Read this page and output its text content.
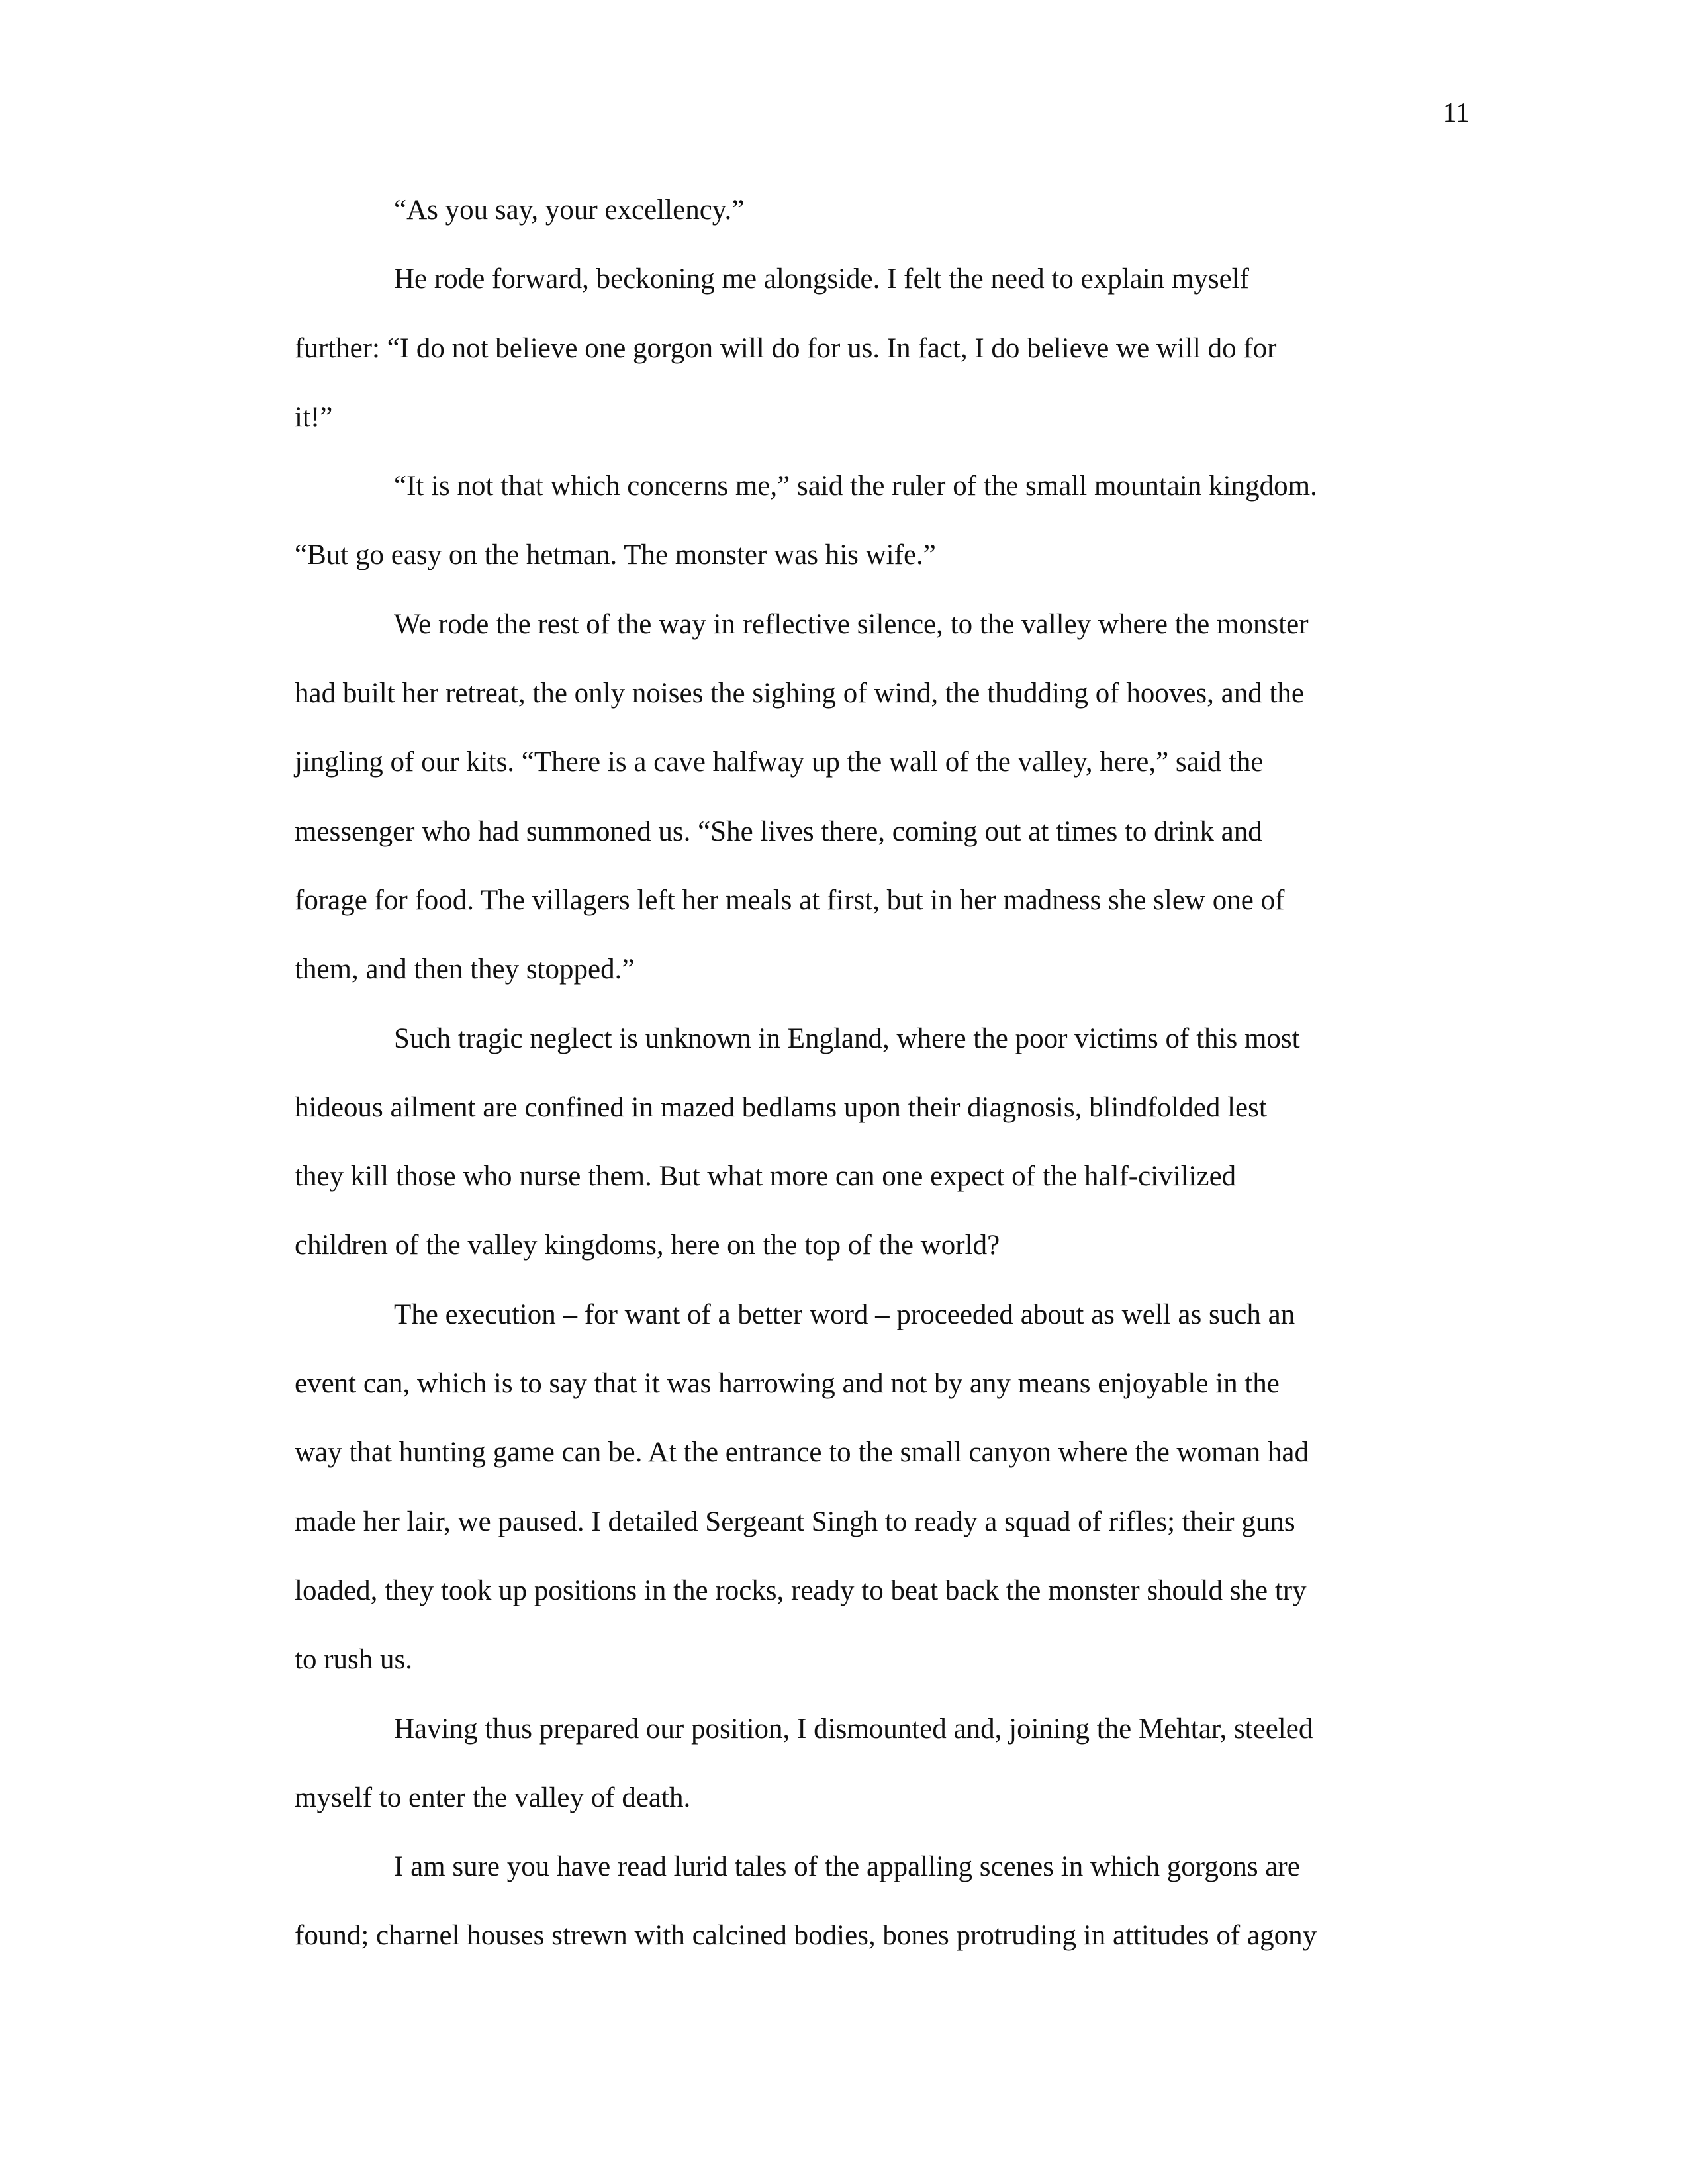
11
“As you say, your excellency.”
He rode forward, beckoning me alongside. I felt the need to explain myself
further: “I do not believe one gorgon will do for us. In fact, I do believe we will do for
it!”
“It is not that which concerns me,” said the ruler of the small mountain kingdom.
“But go easy on the hetman. The monster was his wife.”
We rode the rest of the way in reflective silence, to the valley where the monster
had built her retreat, the only noises the sighing of wind, the thudding of hooves, and the
jingling of our kits. “There is a cave halfway up the wall of the valley, here,” said the
messenger who had summoned us. “She lives there, coming out at times to drink and
forage for food. The villagers left her meals at first, but in her madness she slew one of
them, and then they stopped.”
Such tragic neglect is unknown in England, where the poor victims of this most
hideous ailment are confined in mazed bedlams upon their diagnosis, blindfolded lest
they kill those who nurse them. But what more can one expect of the half-civilized
children of the valley kingdoms, here on the top of the world?
The execution – for want of a better word – proceeded about as well as such an
event can, which is to say that it was harrowing and not by any means enjoyable in the
way that hunting game can be. At the entrance to the small canyon where the woman had
made her lair, we paused. I detailed Sergeant Singh to ready a squad of rifles; their guns
loaded, they took up positions in the rocks, ready to beat back the monster should she try
to rush us.
Having thus prepared our position, I dismounted and, joining the Mehtar, steeled
myself to enter the valley of death.
I am sure you have read lurid tales of the appalling scenes in which gorgons are
found; charnel houses strewn with calcined bodies, bones protruding in attitudes of agony
